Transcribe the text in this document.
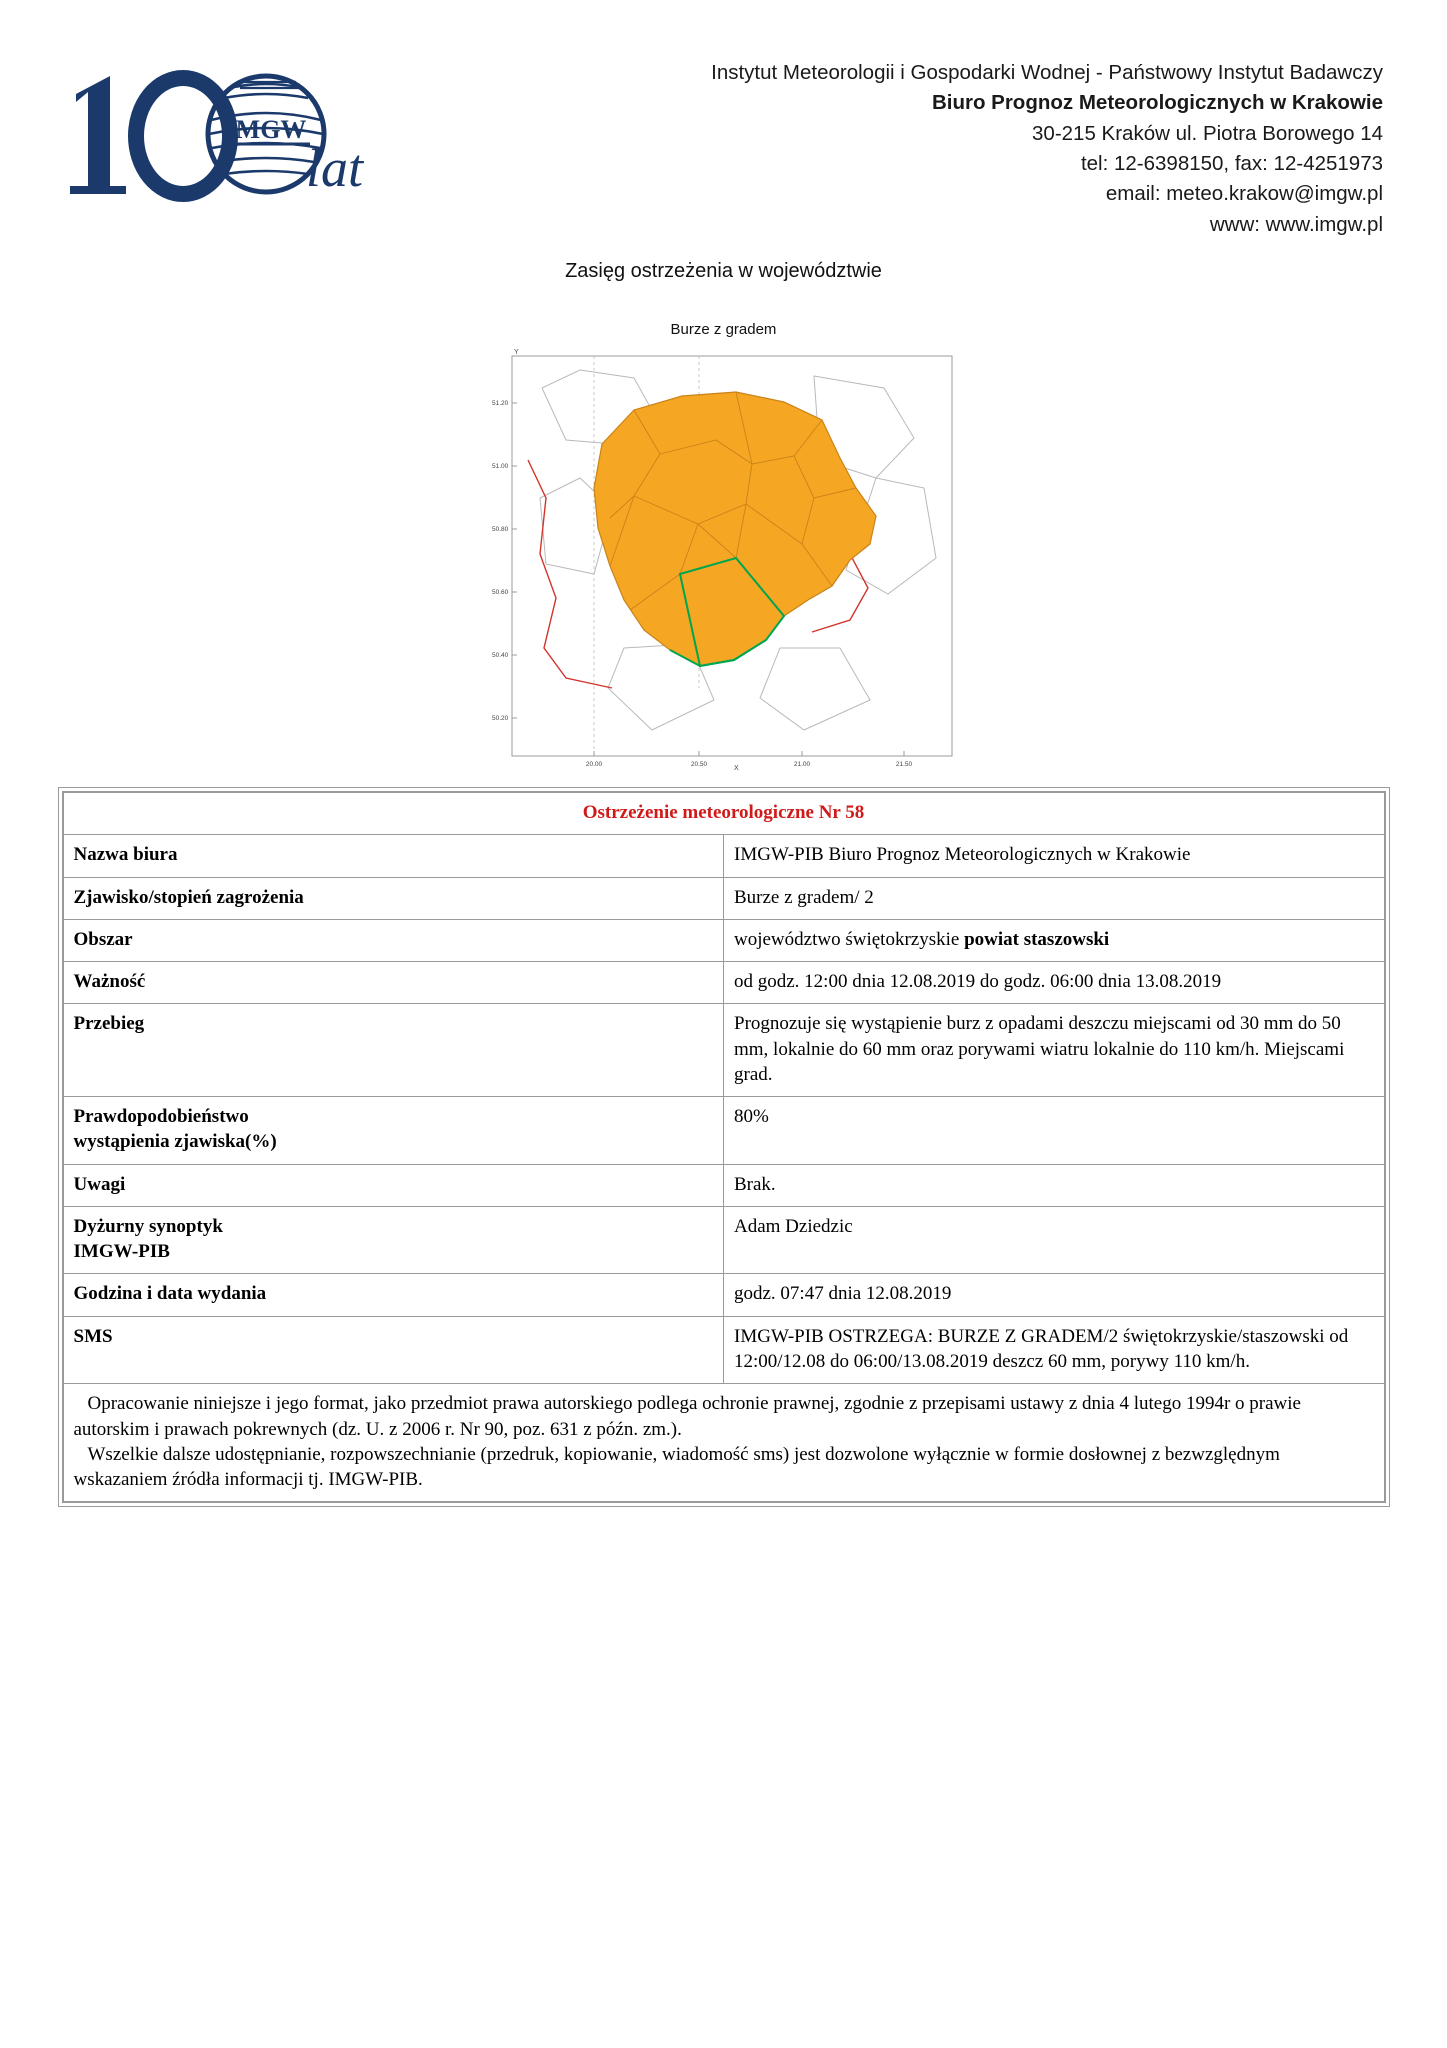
IMGW
lat
Instytut Meteorologii i Gospodarki Wodnej - Państwowy Instytut Badawczy
Biuro Prognoz Meteorologicznych w Krakowie
30-215 Kraków ul. Piotra Borowego 14
tel: 12-6398150, fax: 12-4251973
email: meteo.krakow@imgw.pl
www: www.imgw.pl
Zasięg ostrzeżenia w województwie
Burze z gradem
Y
X
51.20
51.00
50.80
50.60
50.40
50.20
20.00	20.50	21.00	21.50
Ostrzeżenie meteorologiczne Nr 58	
Nazwa biura	IMGW-PIB Biuro Prognoz Meteorologicznych w Krakowie
Zjawisko/stopień zagrożenia	Burze z gradem/ 2
Obszar	województwo świętokrzyskie powiat staszowski
Ważność	od godz. 12:00 dnia 12.08.2019 do godz. 06:00 dnia 13.08.2019
Przebieg	Prognozuje się wystąpienie burz z opadami deszczu miejscami od 30 mm do 50 mm, lokalnie do 60 mm oraz porywami wiatru lokalnie do 110 km/h. Miejscami grad.

Prawdopodobieństwo
wystąpienia zjawiska(%)	80%
Uwagi	Brak.

Dyżurny synoptyk
IMGW-PIB	Adam Dziedzic
Godzina i data wydania	godz. 07:47 dnia 12.08.2019
SMS	IMGW-PIB OSTRZEGA: BURZE Z GRADEM/2 świętokrzyskie/staszowski od 12:00/12.08 do 06:00/13.08.2019 deszcz 60 mm, porywy 110 km/h.

Opracowanie niniejsze i jego format, jako przedmiot prawa autorskiego podlega ochronie prawnej, zgodnie z przepisami ustawy z dnia 4 lutego 1994r o prawie autorskim i prawach pokrewnych (dz. U. z 2006 r. Nr 90, poz. 631 z późn. zm.).

Wszelkie dalsze udostępnianie, rozpowszechnianie (przedruk, kopiowanie, wiadomość sms) jest dozwolone wyłącznie w formie dosłownej z bezwzględnym wskazaniem źródła informacji tj. IMGW-PIB.	
